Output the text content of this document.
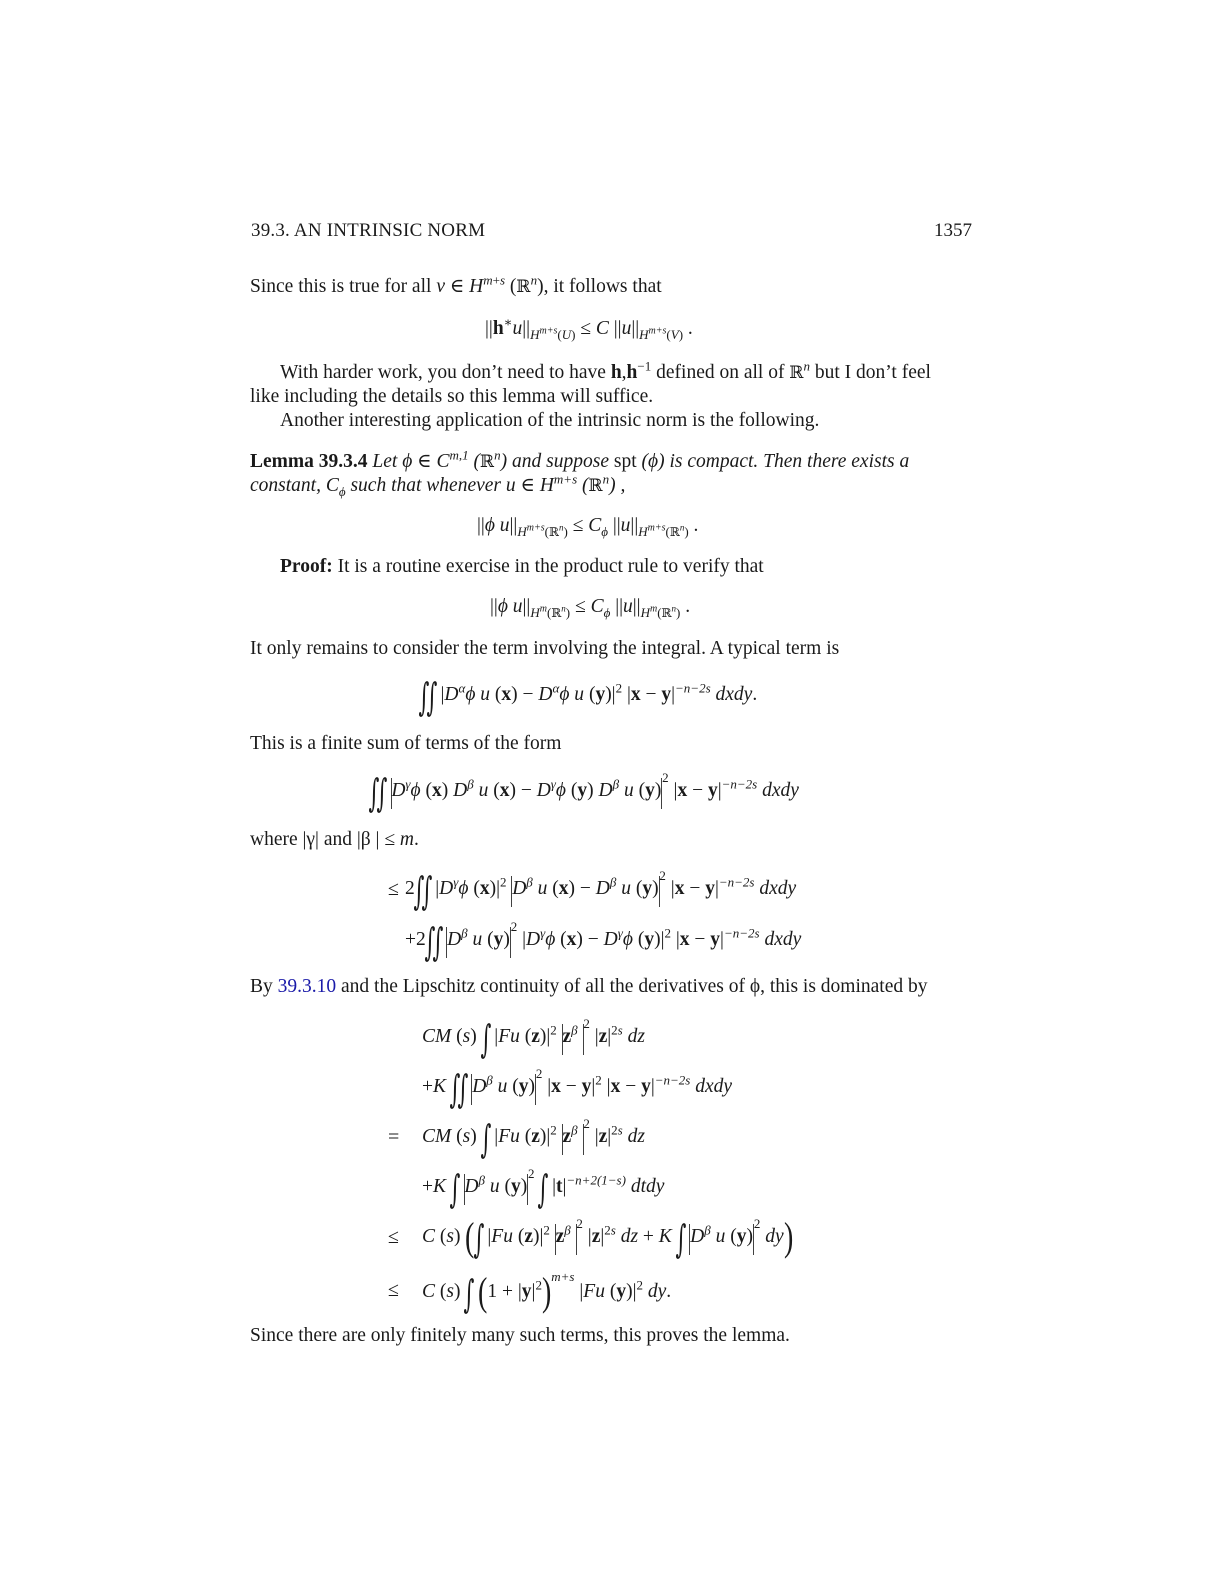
39.3. AN INTRINSIC NORM	1357
Since this is true for all v ∈ $H^{m+s}$ (ℝ$^n$), it follows that
$||h^∗u||_{H^{m+s}(U)} \le C$ $||u||_{H^{m+s}(V)}$ .
With harder work, you don’t need to have $h,h^{-1}$ defined on all of ℝ$^n$ but I don’t feel
like including the details so this lemma will suffice.
Another interesting application of the intrinsic norm is the following.
Lemma 39.3.4 Let ϕ ∈ C$^{m,1}$ (ℝ$^n$) and suppose spt (ϕ) is compact. Then there exists a
constant, $C_\phi$ such that whenever u ∈ $H^{m+s}$ (ℝ$^n$) ,
||ϕ $u||_{H^{m+s}(ℝ^n)} \le C_\phi$ $||u||_{H^{m+s}(ℝ^n)}$ .
Proof: It is a routine exercise in the product rule to verify that
||ϕ $u||_{H^m(ℝ^n)} \le C_\phi$ $||u||_{H^m(ℝ^n)}$ .
It only remains to consider the term involving the integral. A typical term is
∫∫ $|D^\alpha\phi$ u $(x) - D^\alpha\phi$ u $(y)|^2$ $|x - y|^{-n-2s}$ dxdy.
This is a finite sum of terms of the form
∫∫ $|D^\gamma\phi$ (x) $D^\beta$ u $(x) - D^\gamma\phi$ (y) $D^\beta$ u $(y)|^2$ $|x - y|^{-n-2s}$ dxdy
where |γ| and |β | ≤ m.
≤ 2∫∫ $|D^\gamma\phi$ $(x)|^2$ $|D^\beta$ u $(x) - D^\beta$ u $(y)|^2$ $|x - y|^{-n-2s}$ dxdy
+2∫∫ $|D^\beta$ u $(y)|^2$ $|D^\gamma\phi$ $(x) - D^\gamma\phi$ $(y)|^2$ $|x - y|^{-n-2s}$ dxdy
By 39.3.10 and the Lipschitz continuity of all the derivatives of ϕ, this is dominated by
CM (s) ∫ |Fu $(z)|^2$ $|z^\beta$ $|^2$ $|z|^{2s}$ dz
+K ∫∫ $|D^\beta$ u $(y)|^2$ $|x - y|^2$ $|x - y|^{-n-2s}$ dxdy
= CM (s) ∫ |Fu $(z)|^2$ $|z^\beta$ $|^2$ $|z|^{2s}$ dz
+K ∫ $|D^\beta$ u $(y)|^2$ ∫ $|t|^{-n+2(1-s)}$ dtdy
≤ C (s) (∫ |Fu $(z)|^2$ $|z^\beta$ $|^2$ $|z|^{2s}$ dz + K ∫ $|D^\beta$ u $(y)|^2$ dy)
≤ C (s) ∫ $(1 + |y|^2)^{m+s}$ |Fu $(y)|^2$ dy.
Since there are only finitely many such terms, this proves the lemma.
